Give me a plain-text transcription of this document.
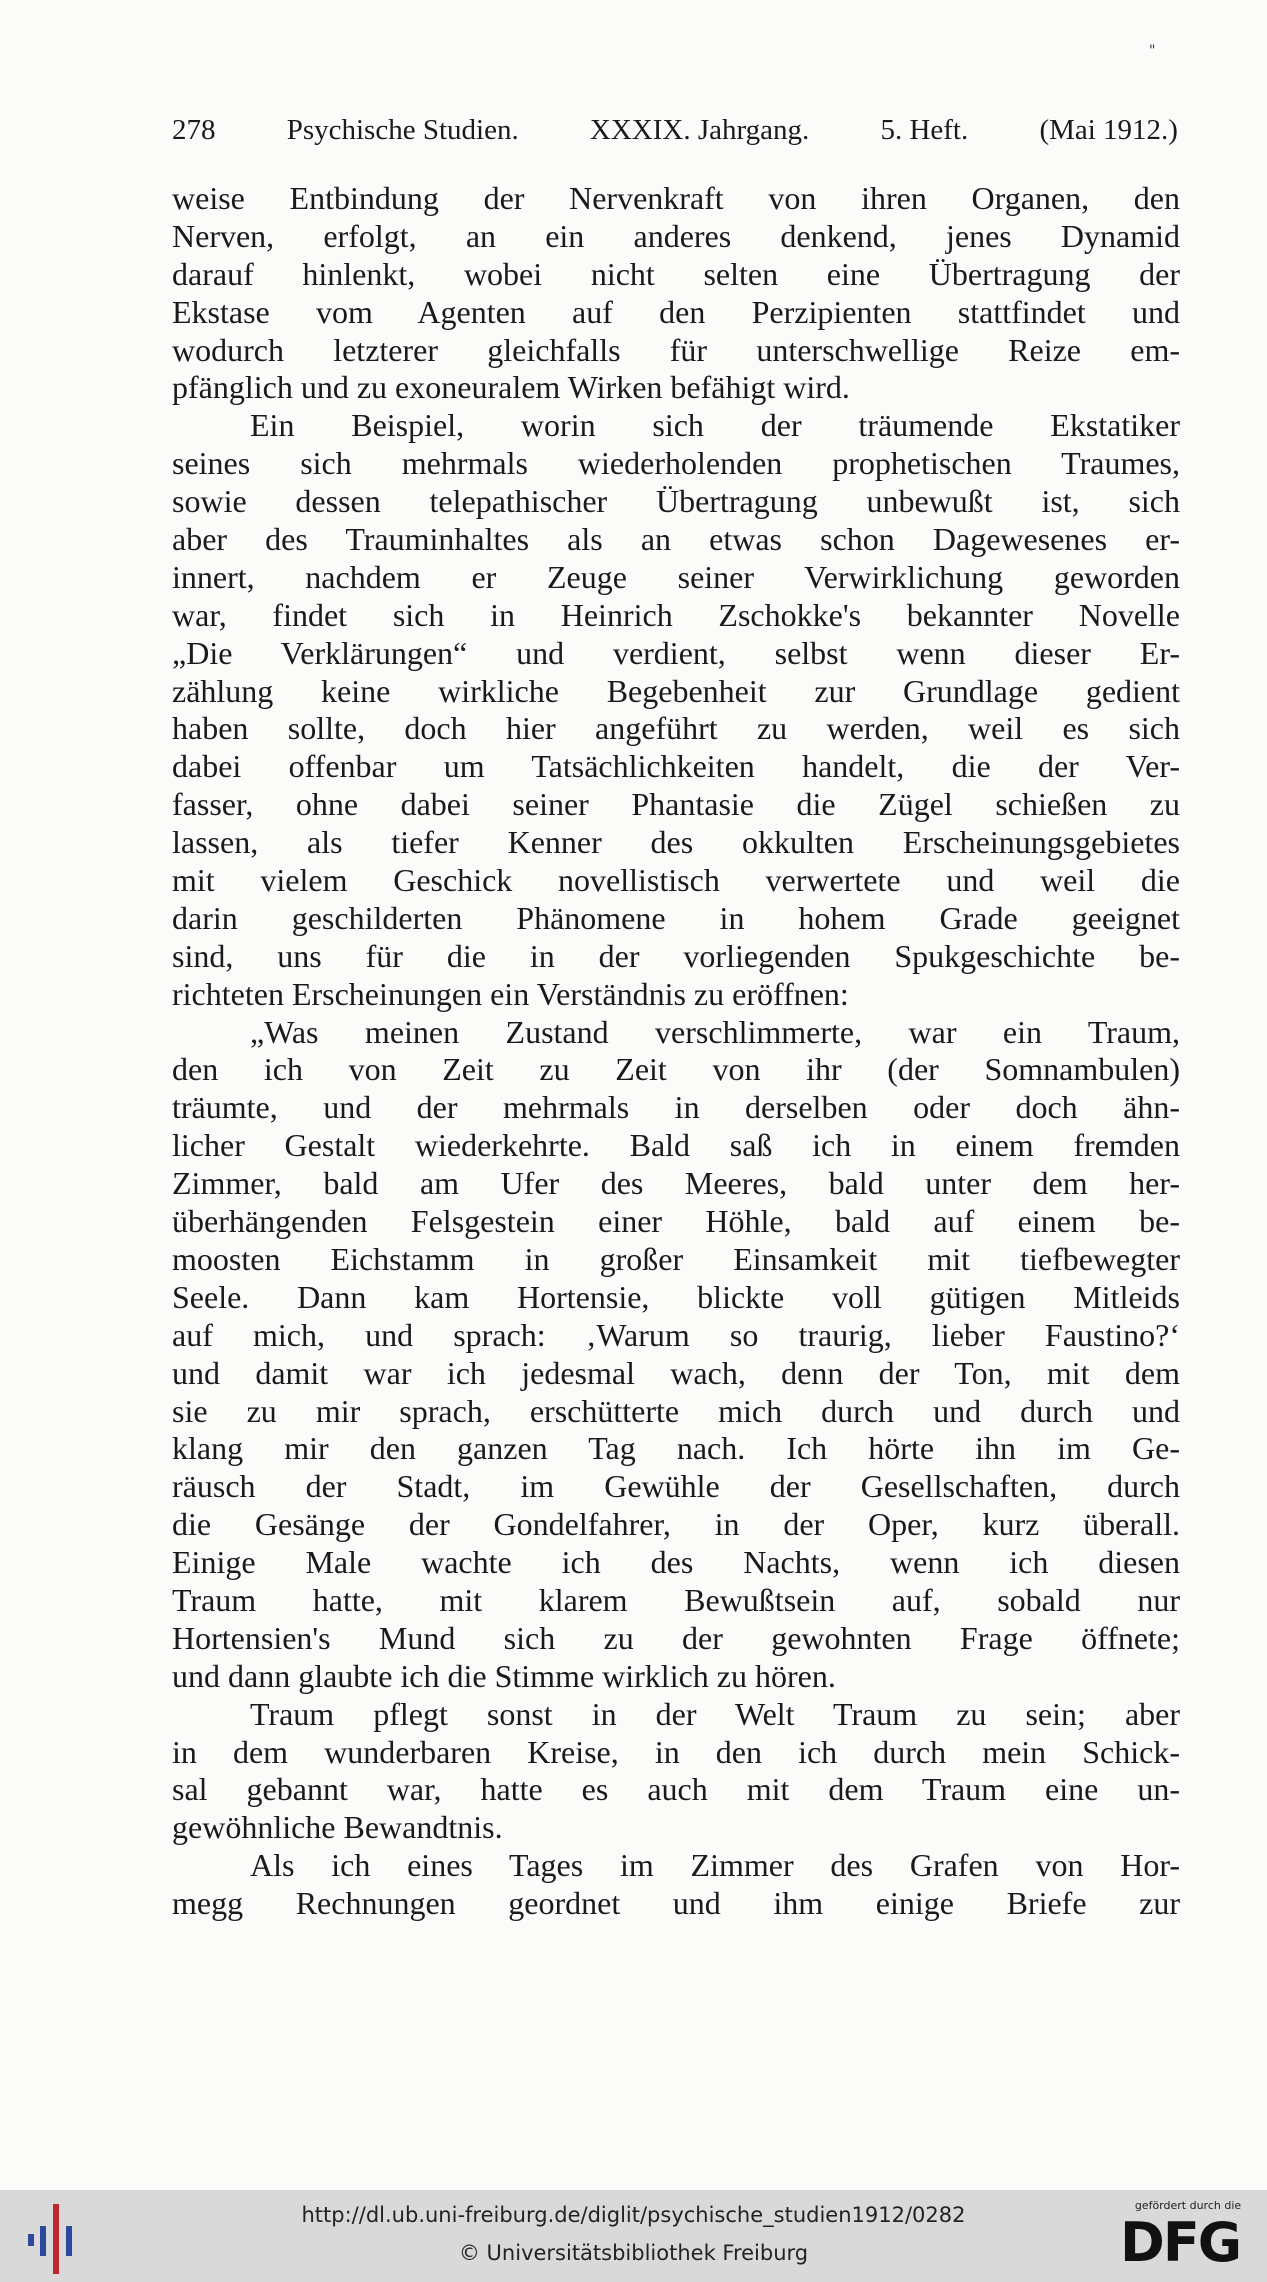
"
278 Psychische Studien. XXXIX. Jahrgang. 5. Heft. (Mai 1912.)
weise Entbindung der Nervenkraft von ihren Organen, den
Nerven, erfolgt, an ein anderes denkend, jenes Dynamid
darauf hinlenkt, wobei nicht selten eine Übertragung der
Ekstase vom Agenten auf den Perzipienten stattfindet und
wodurch letzterer gleichfalls für unterschwellige Reize em-
pfänglich und zu exoneuralem Wirken befähigt wird.
Ein Beispiel, worin sich der träumende Ekstatiker
seines sich mehrmals wiederholenden prophetischen Traumes,
sowie dessen telepathischer Übertragung unbewußt ist, sich
aber des Trauminhaltes als an etwas schon Dagewesenes er-
innert, nachdem er Zeuge seiner Verwirklichung geworden
war, findet sich in Heinrich Zschokke's bekannter Novelle
„Die Verklärungen“ und verdient, selbst wenn dieser Er-
zählung keine wirkliche Begebenheit zur Grundlage gedient
haben sollte, doch hier angeführt zu werden, weil es sich
dabei offenbar um Tatsächlichkeiten handelt, die der Ver-
fasser, ohne dabei seiner Phantasie die Zügel schießen zu
lassen, als tiefer Kenner des okkulten Erscheinungsgebietes
mit vielem Geschick novellistisch verwertete und weil die
darin geschilderten Phänomene in hohem Grade geeignet
sind, uns für die in der vorliegenden Spukgeschichte be-
richteten Erscheinungen ein Verständnis zu eröffnen:
„Was meinen Zustand verschlimmerte, war ein Traum,
den ich von Zeit zu Zeit von ihr (der Somnambulen)
träumte, und der mehrmals in derselben oder doch ähn-
licher Gestalt wiederkehrte. Bald saß ich in einem fremden
Zimmer, bald am Ufer des Meeres, bald unter dem her-
überhängenden Felsgestein einer Höhle, bald auf einem be-
moosten Eichstamm in großer Einsamkeit mit tiefbewegter
Seele. Dann kam Hortensie, blickte voll gütigen Mitleids
auf mich, und sprach: ‚Warum so traurig, lieber Faustino?‘
und damit war ich jedesmal wach, denn der Ton, mit dem
sie zu mir sprach, erschütterte mich durch und durch und
klang mir den ganzen Tag nach. Ich hörte ihn im Ge-
räusch der Stadt, im Gewühle der Gesellschaften, durch
die Gesänge der Gondelfahrer, in der Oper, kurz überall.
Einige Male wachte ich des Nachts, wenn ich diesen
Traum hatte, mit klarem Bewußtsein auf, sobald nur
Hortensien's Mund sich zu der gewohnten Frage öffnete;
und dann glaubte ich die Stimme wirklich zu hören.
Traum pflegt sonst in der Welt Traum zu sein; aber
in dem wunderbaren Kreise, in den ich durch mein Schick-
sal gebannt war, hatte es auch mit dem Traum eine un-
gewöhnliche Bewandtnis.
Als ich eines Tages im Zimmer des Grafen von Hor-
megg Rechnungen geordnet und ihm einige Briefe zur
http://dl.ub.uni-freiburg.de/diglit/psychische_studien1912/0282
© Universitätsbibliothek Freiburg
gefördert durch die
DFG
